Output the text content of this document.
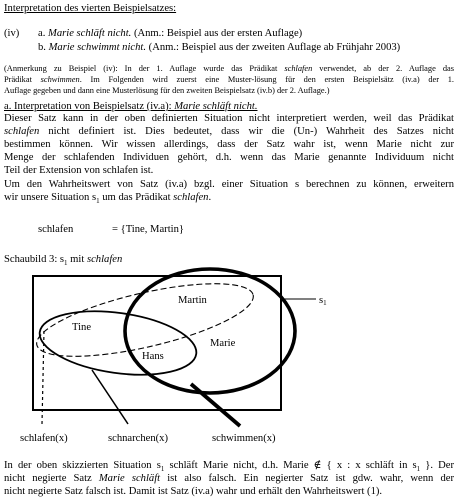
Interpretation des vierten Beispielsatzes:
(iv) a. Marie schläft nicht. (Anm.: Beispiel aus der ersten Auflage)
b. Marie schwimmt nicht. (Anm.: Beispiel aus der zweiten Auflage ab Frühjahr 2003)
(Anmerkung zu Beispiel (iv): In der 1. Auflage wurde das Prädikat schlafen verwendet, ab der 2. Auflage das
Prädikat schwimmen. Im Folgenden wird zuerst eine Muster-lösung für den ersten Beispielsätz (iv.a) der 1.
Auflage gegeben und dann eine Musterlösung für den zweiten Beispielsatz (iv.b) der 2. Auflage.)
a. Interpretation von Beispielsatz (iv.a): Marie schläft nicht.
Dieser Satz kann in der oben definierten Situation nicht interpretiert werden, weil das Prädikat
schlafen nicht definiert ist. Dies bedeutet, dass wir die (Un-) Wahrheit des Satzes nicht
bestimmen können. Wir wissen allerdings, dass der Satz wahr ist, wenn Marie nicht zur
Menge der schlafenden Individuen gehört, d.h. wenn das Marie genannte Individuum nicht
Teil der Extension von schlafen ist.
Um den Wahrheitswert von Satz (iv.a) bzgl. einer Situation s berechnen zu können, erweitern
wir unsere Situation $s_1$ um das Prädikat schlafen.
schlafen	= {Tine, Martin}
Schaubild 3: $s_1$ mit schlafen
s1
Martin
Tine
Marie
Hans
schlafen(x)	schnarchen(x)	schwimmen(x)
In der oben skizzierten Situation $s_1$ schläft Marie nicht, d.h. Marie ∉ { x : x schläft in $s_1$ }. Der
nicht negierte Satz Marie schläft ist also falsch. Ein negierter Satz ist gdw. wahr, wenn der
nicht negierte Satz falsch ist. Damit ist Satz (iv.a) wahr und erhält den Wahrheitswert (1).
